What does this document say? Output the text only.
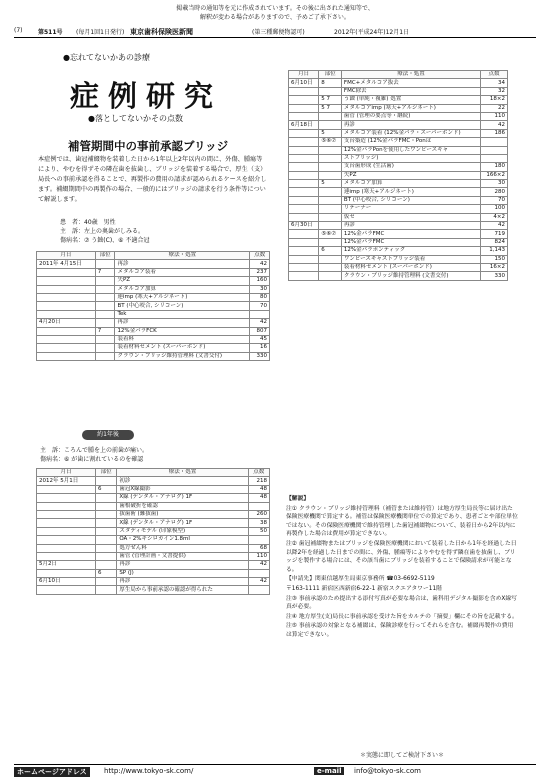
掲載当時の通知等を元に作成されています。その後に出された通知等で、
解釈が変わる場合がありますので、予めご了承下さい。
(7)	第511号 (毎月1回1日発行) 東京歯科保険医新聞	(第三種郵便物認可)	2012年(平成24年)12月1日
●忘れてないかあの診療
症例研究
●落としてないかその点数
補管期間中の事前承認ブリッジ
本症例では、歯冠補綴物を装着した日から1年以上2年以内の間に、外傷、腫瘍等により、やむを得ずその隣在歯を抜歯し、ブリッジを装着する場合で、厚生（支）局長への事前承認を得ることで、再製作の費用の請求が認められるケースを紹介します。補綴期間中の再製作の場合、一般的にはブリッジの請求を行う条件等について解説します。
患　者：40歳　男性
主　訴：左上の奥歯がしみる。
傷病名：⑦ う蝕(C)、⑥ 不適合冠
月日	部位	療法・処置	点数
2011年 4月15日		再診	42
	7	メタルコア装着	237
		失PZ	160
		メタルコア加算	30
		連imp (寒天+アルジネート)	80
		BT (中心咬合, シリコーン)	70
		Tek	
4月20日		再診	42
	7	12%金パラFCK	807
		装着料	45
		装着材料セメント (スーパーボンド)	16
		クラウン・ブリッジ維持管理料 (文書交付)	330
約1年後
主　訴：ころんで腫を上の前歯が痛い。
傷病名：⑥ が歯に割れているのを確認
月日	部位	療法・処置	点数
2012年 5月1日		初診	218
	6	歯冠X線撮影	48
		X線 (デンタル・アナログ) 1F	48
		歯根破折を確認	
		抜歯術 (難抜歯)	260
		X線 (デンタル・アナログ) 1F	38
		スタディモデル (印象模型)	50
		OA・2%キシロカイン1.8ml	
		処方せん料	68
		歯管 (管理計画・文書提供)	110
5月2日		再診	42
	6	SP (J)	
6月10日		再診	42
		厚生局から事前承認の確認が得られた	
月日	部位	療法・処置	点数
6月10日	8	FMC+メタルコア抜去	34
		FMC除去	32
	5 7	う蝕 (単純・複雑) 処置	18×2
	5 7	メタルコアimp (寒天+アルジネート)	22
		歯管 (管理の要点等・継続)	110
6月18日		再診	42
	5	メタルコア装着 (12%金パラ・スーパーボンド)	186
	⑤⑥⑦	支台築造 (12%金パラFMC・Ponは	
		12%金パラPonを使用したワンピースキャ	
		ストブリッジ)	
		支台歯形成 (生活歯)	180
		失PZ	166×2
	5	メタルコア加算	30
		連imp (寒天+アルジネート)	280
		BT (中心咬合, シリコーン)	70
		リテーナー	100
		仮セ	4×2
6月30日		再診	42
	⑤⑥⑦	12%金パラFMC	719
		12%金パラFMC	824
	6	12%金パラポンティック	1,143
		ワンピースキャストブリッジ装着	150
		装着材料セメント (スーパーボンド)	16×2
		クラウン・ブリッジ維持管理料 (文書交付)	330

【解説】

注① クラウン・ブリッジ維持管理料（補管または維持管）は地方厚生局長等に届け出た保険医療機関で算定する。補管は保険医療機関単位での算定であり、患者ごとや部位単位ではない。その保険医療機関で維持管理した歯冠補綴物について、装着日から2年以内に再製作した場合は費用が算定できない。

注② 歯冠補綴物またはブリッジを保険医療機関において装着した日から1年を経過した日以降2年を経過した日までの間に、外傷、腫瘍等によりやむを得ず隣在歯を抜歯し、ブリッジを製作する場合には、その該当歯にブリッジを装着することで保険請求が可能となる。

【申請先】関東信越厚生局東京事務所 ☎03-6692-5119

〒163-1111 新宿区西新宿6-22-1 新宿スクエアタワー11階

注③ 事前承認のため提出する添付写真が必要な場合は、歯科用デジタル撮影を含めX線写真が必要。

注④ 地方厚生(支)局長に事前承認を受けた旨をカルテの「摘要」欄にその旨を記載する。

注⑤ 事前承認の対象となる補綴は、保険診療を行ってそれらを含む。補綴再製作の費用は算定できない。

＊実態に即してご検討下さい＊
ホームページアドレス	http://www.tokyo-sk.com/	e-mail	info@tokyo-sk.com
